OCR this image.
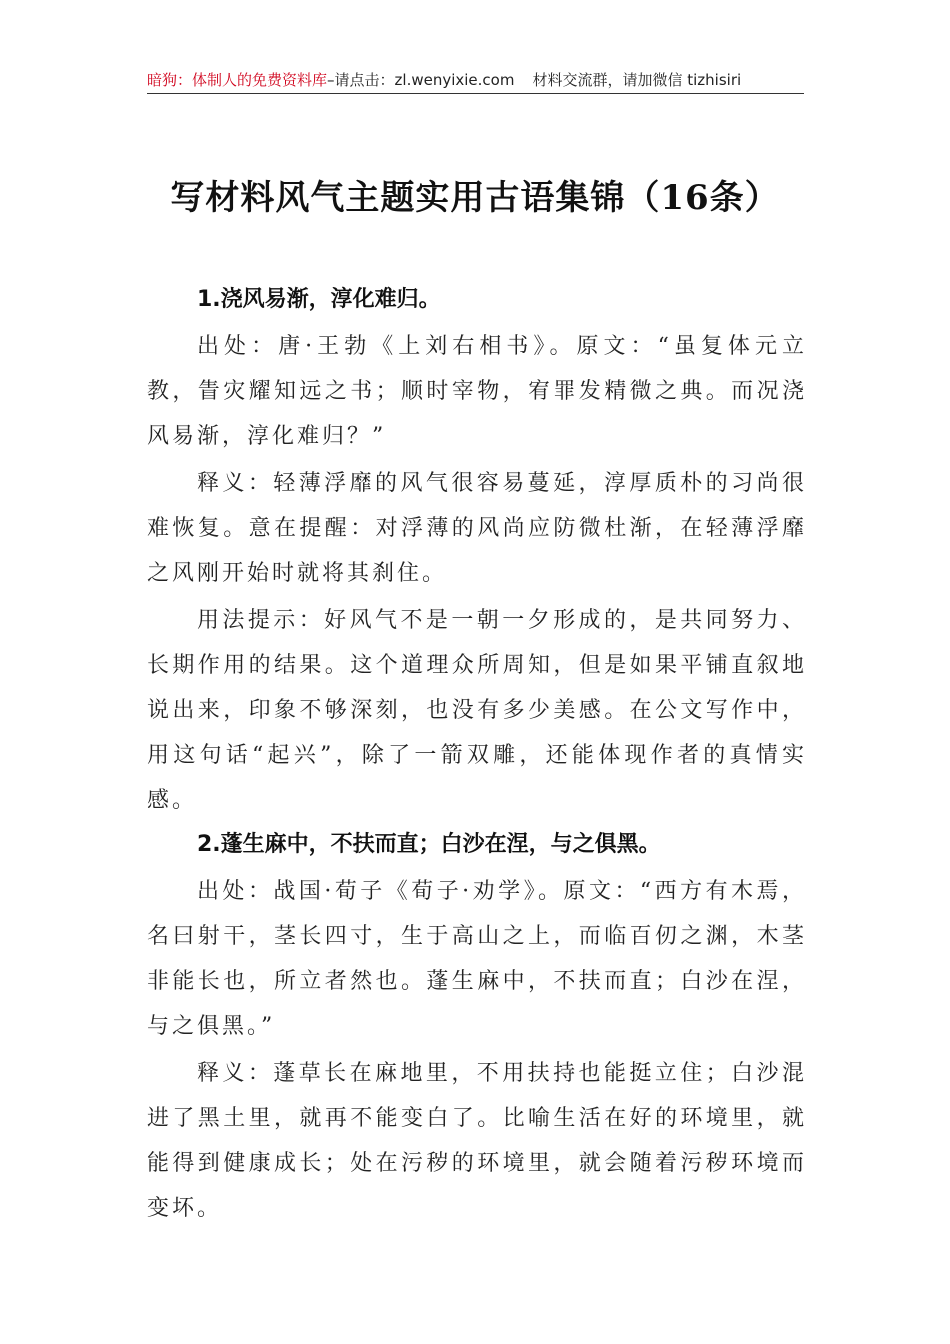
暗狗：体制人的免费资料库–请点击：zl.wenyixie.com 材料交流群，请加微信 tizhisiri
写材料风气主题实用古语集锦（16条）
1.浇风易渐，淳化难归。
出处：唐·王勃《上刘右相书》。原文：“虽复体元立教，眚灾耀知远之书；顺时宰物，宥罪发精微之典。而况浇风易渐，淳化难归？”
释义：轻薄浮靡的风气很容易蔓延，淳厚质朴的习尚很难恢复。意在提醒：对浮薄的风尚应防微杜渐，在轻薄浮靡之风刚开始时就将其刹住。
用法提示：好风气不是一朝一夕形成的，是共同努力、长期作用的结果。这个道理众所周知，但是如果平铺直叙地说出来，印象不够深刻，也没有多少美感。在公文写作中，用这句话“起兴”，除了一箭双雕，还能体现作者的真情实感。
2.蓬生麻中，不扶而直；白沙在涅，与之俱黑。
出处：战国·荀子《荀子·劝学》。原文：“西方有木焉，名曰射干，茎长四寸，生于高山之上，而临百仞之渊，木茎非能长也，所立者然也。蓬生麻中，不扶而直；白沙在涅，与之俱黑。”
释义：蓬草长在麻地里，不用扶持也能挺立住；白沙混进了黑土里，就再不能变白了。比喻生活在好的环境里，就能得到健康成长；处在污秽的环境里，就会随着污秽环境而变坏。
